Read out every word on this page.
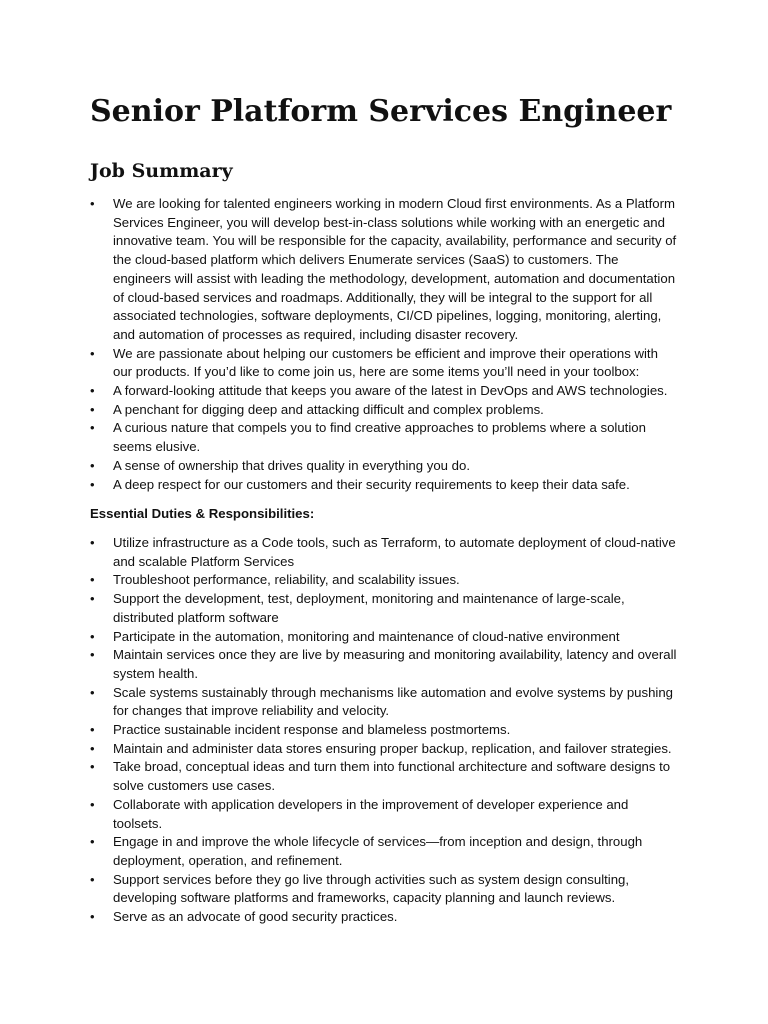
Senior Platform Services Engineer
Job Summary
• We are looking for talented engineers working in modern Cloud first environments. As a Platform Services Engineer, you will develop best-in-class solutions while working with an energetic and innovative team. You will be responsible for the capacity, availability, performance and security of the cloud-based platform which delivers Enumerate services (SaaS) to customers. The engineers will assist with leading the methodology, development, automation and documentation of cloud-based services and roadmaps. Additionally, they will be integral to the support for all associated technologies, software deployments, CI/CD pipelines, logging, monitoring, alerting, and automation of processes as required, including disaster recovery.
• We are passionate about helping our customers be efficient and improve their operations with our products. If you’d like to come join us, here are some items you’ll need in your toolbox:
• A forward-looking attitude that keeps you aware of the latest in DevOps and AWS technologies.
• A penchant for digging deep and attacking difficult and complex problems.
• A curious nature that compels you to find creative approaches to problems where a solution seems elusive.
• A sense of ownership that drives quality in everything you do.
• A deep respect for our customers and their security requirements to keep their data safe.

Essential Duties & Responsibilities:

• Utilize infrastructure as a Code tools, such as Terraform, to automate deployment of cloud-native and scalable Platform Services
• Troubleshoot performance, reliability, and scalability issues.
• Support the development, test, deployment, monitoring and maintenance of large-scale, distributed platform software
• Participate in the automation, monitoring and maintenance of cloud-native environment
• Maintain services once they are live by measuring and monitoring availability, latency and overall system health.
• Scale systems sustainably through mechanisms like automation and evolve systems by pushing for changes that improve reliability and velocity.
• Practice sustainable incident response and blameless postmortems.
• Maintain and administer data stores ensuring proper backup, replication, and failover strategies.
• Take broad, conceptual ideas and turn them into functional architecture and software designs to solve customers use cases.
• Collaborate with application developers in the improvement of developer experience and toolsets.
• Engage in and improve the whole lifecycle of services—from inception and design, through deployment, operation, and refinement.
• Support services before they go live through activities such as system design consulting, developing software platforms and frameworks, capacity planning and launch reviews.
• Serve as an advocate of good security practices.
